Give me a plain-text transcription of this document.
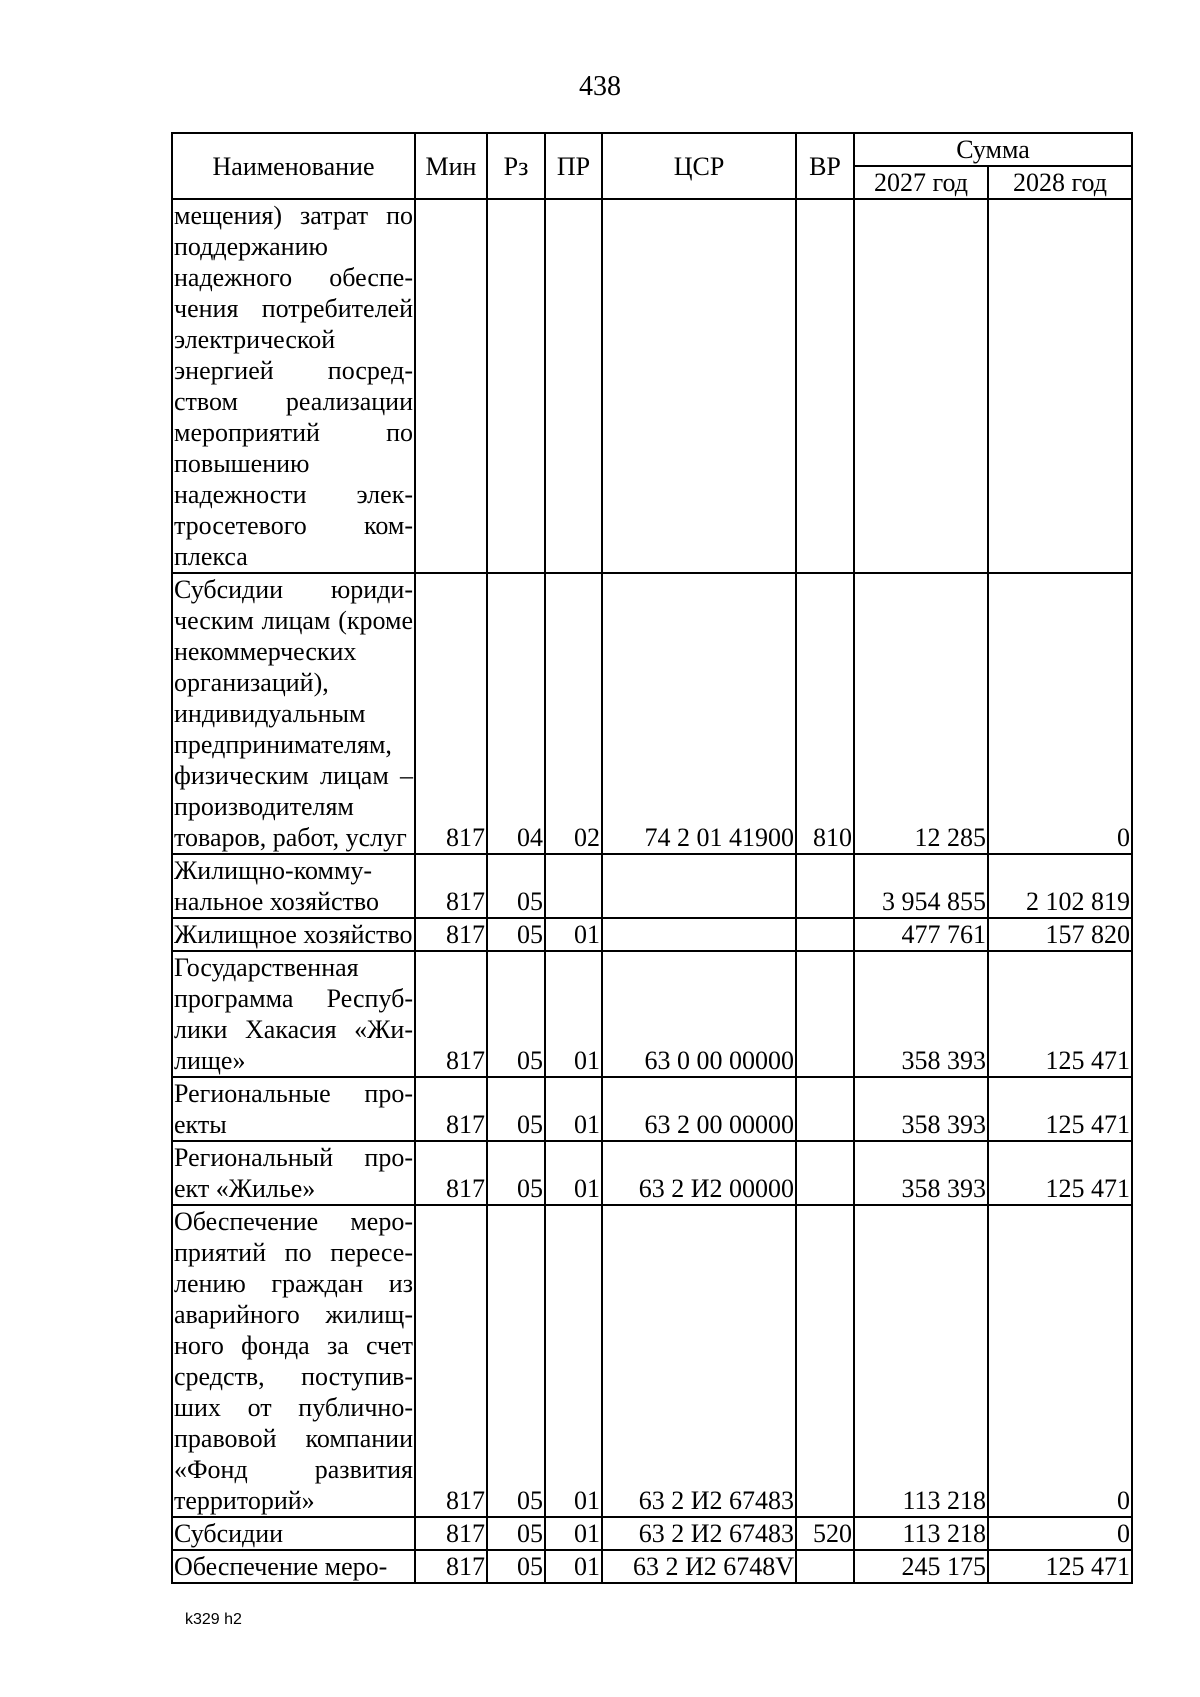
438
Наименование	Мин	Рз	ПР	ЦСР	ВР	Сумма	
						2027 год	2028 год
мещения) затрат по поддержанию надежного обеспечения потребителей электрической энергией посредством реализации мероприятий по повышению надежности электросетевого комплекса							
Субсидии юридическим лицам (кроме некоммерческих организаций), индивидуальным предпринимателям, физическим лицам – производителям товаров, работ, услуг	817	04	02	74 2 01 41900	810	12 285	0
Жилищно-коммунальное хозяйство	817	05				3 954 855	2 102 819
Жилищное хозяйство	817	05	01			477 761	157 820
Государственная программа Республики Хакасия «Жилище»	817	05	01	63 0 00 00000		358 393	125 471
Региональные проекты	817	05	01	63 2 00 00000		358 393	125 471
Региональный проект «Жилье»	817	05	01	63 2 И2 00000		358 393	125 471
Обеспечение мероприятий по переселению граждан из аварийного жилищного фонда за счет средств, поступивших от публично-правовой компании «Фонд развития территорий»	817	05	01	63 2 И2 67483		113 218	0
Субсидии	817	05	01	63 2 И2 67483	520	113 218	0
Обеспечение меро-	817	05	01	63 2 И2 6748V		245 175	125 471
k329 h2
